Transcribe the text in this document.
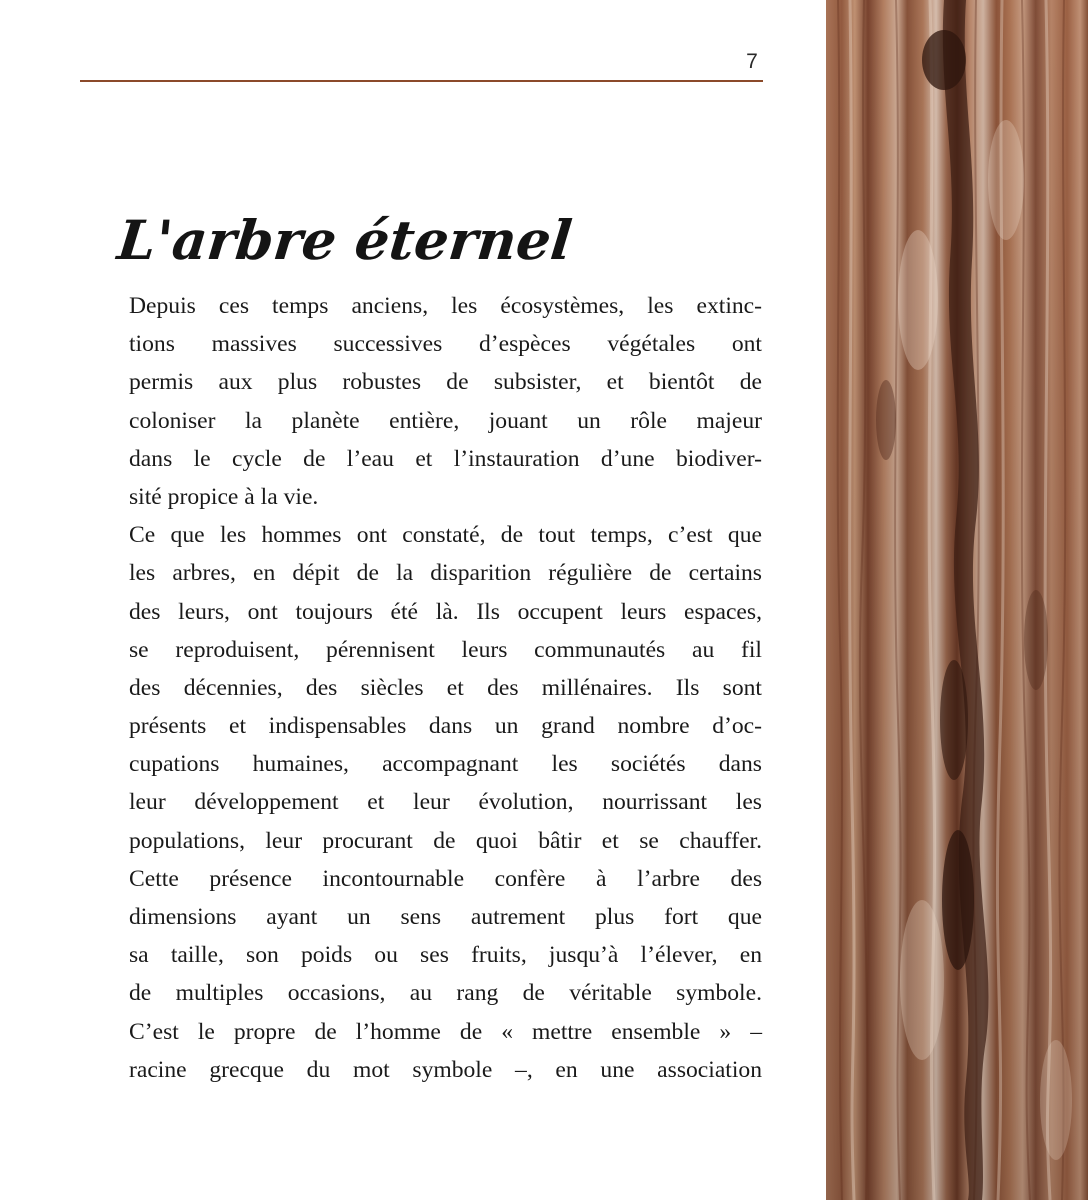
7
L'arbre éternel
Depuis ces temps anciens, les écosystèmes, les extinc-
tions massives successives d’espèces végétales ont
permis aux plus robustes de subsister, et bientôt de
coloniser la planète entière, jouant un rôle majeur
dans le cycle de l’eau et l’instauration d’une biodiver-
sité propice à la vie.
Ce que les hommes ont constaté, de tout temps, c’est que
les arbres, en dépit de la disparition régulière de certains
des leurs, ont toujours été là. Ils occupent leurs espaces,
se reproduisent, pérennisent leurs communautés au fil
des décennies, des siècles et des millénaires. Ils sont
présents et indispensables dans un grand nombre d’oc-
cupations humaines, accompagnant les sociétés dans
leur développement et leur évolution, nourrissant les
populations, leur procurant de quoi bâtir et se chauffer.
Cette présence incontournable confère à l’arbre des
dimensions ayant un sens autrement plus fort que
sa taille, son poids ou ses fruits, jusqu’à l’élever, en
de multiples occasions, au rang de véritable symbole.
C’est le propre de l’homme de « mettre ensemble » –
racine grecque du mot symbole –, en une association
